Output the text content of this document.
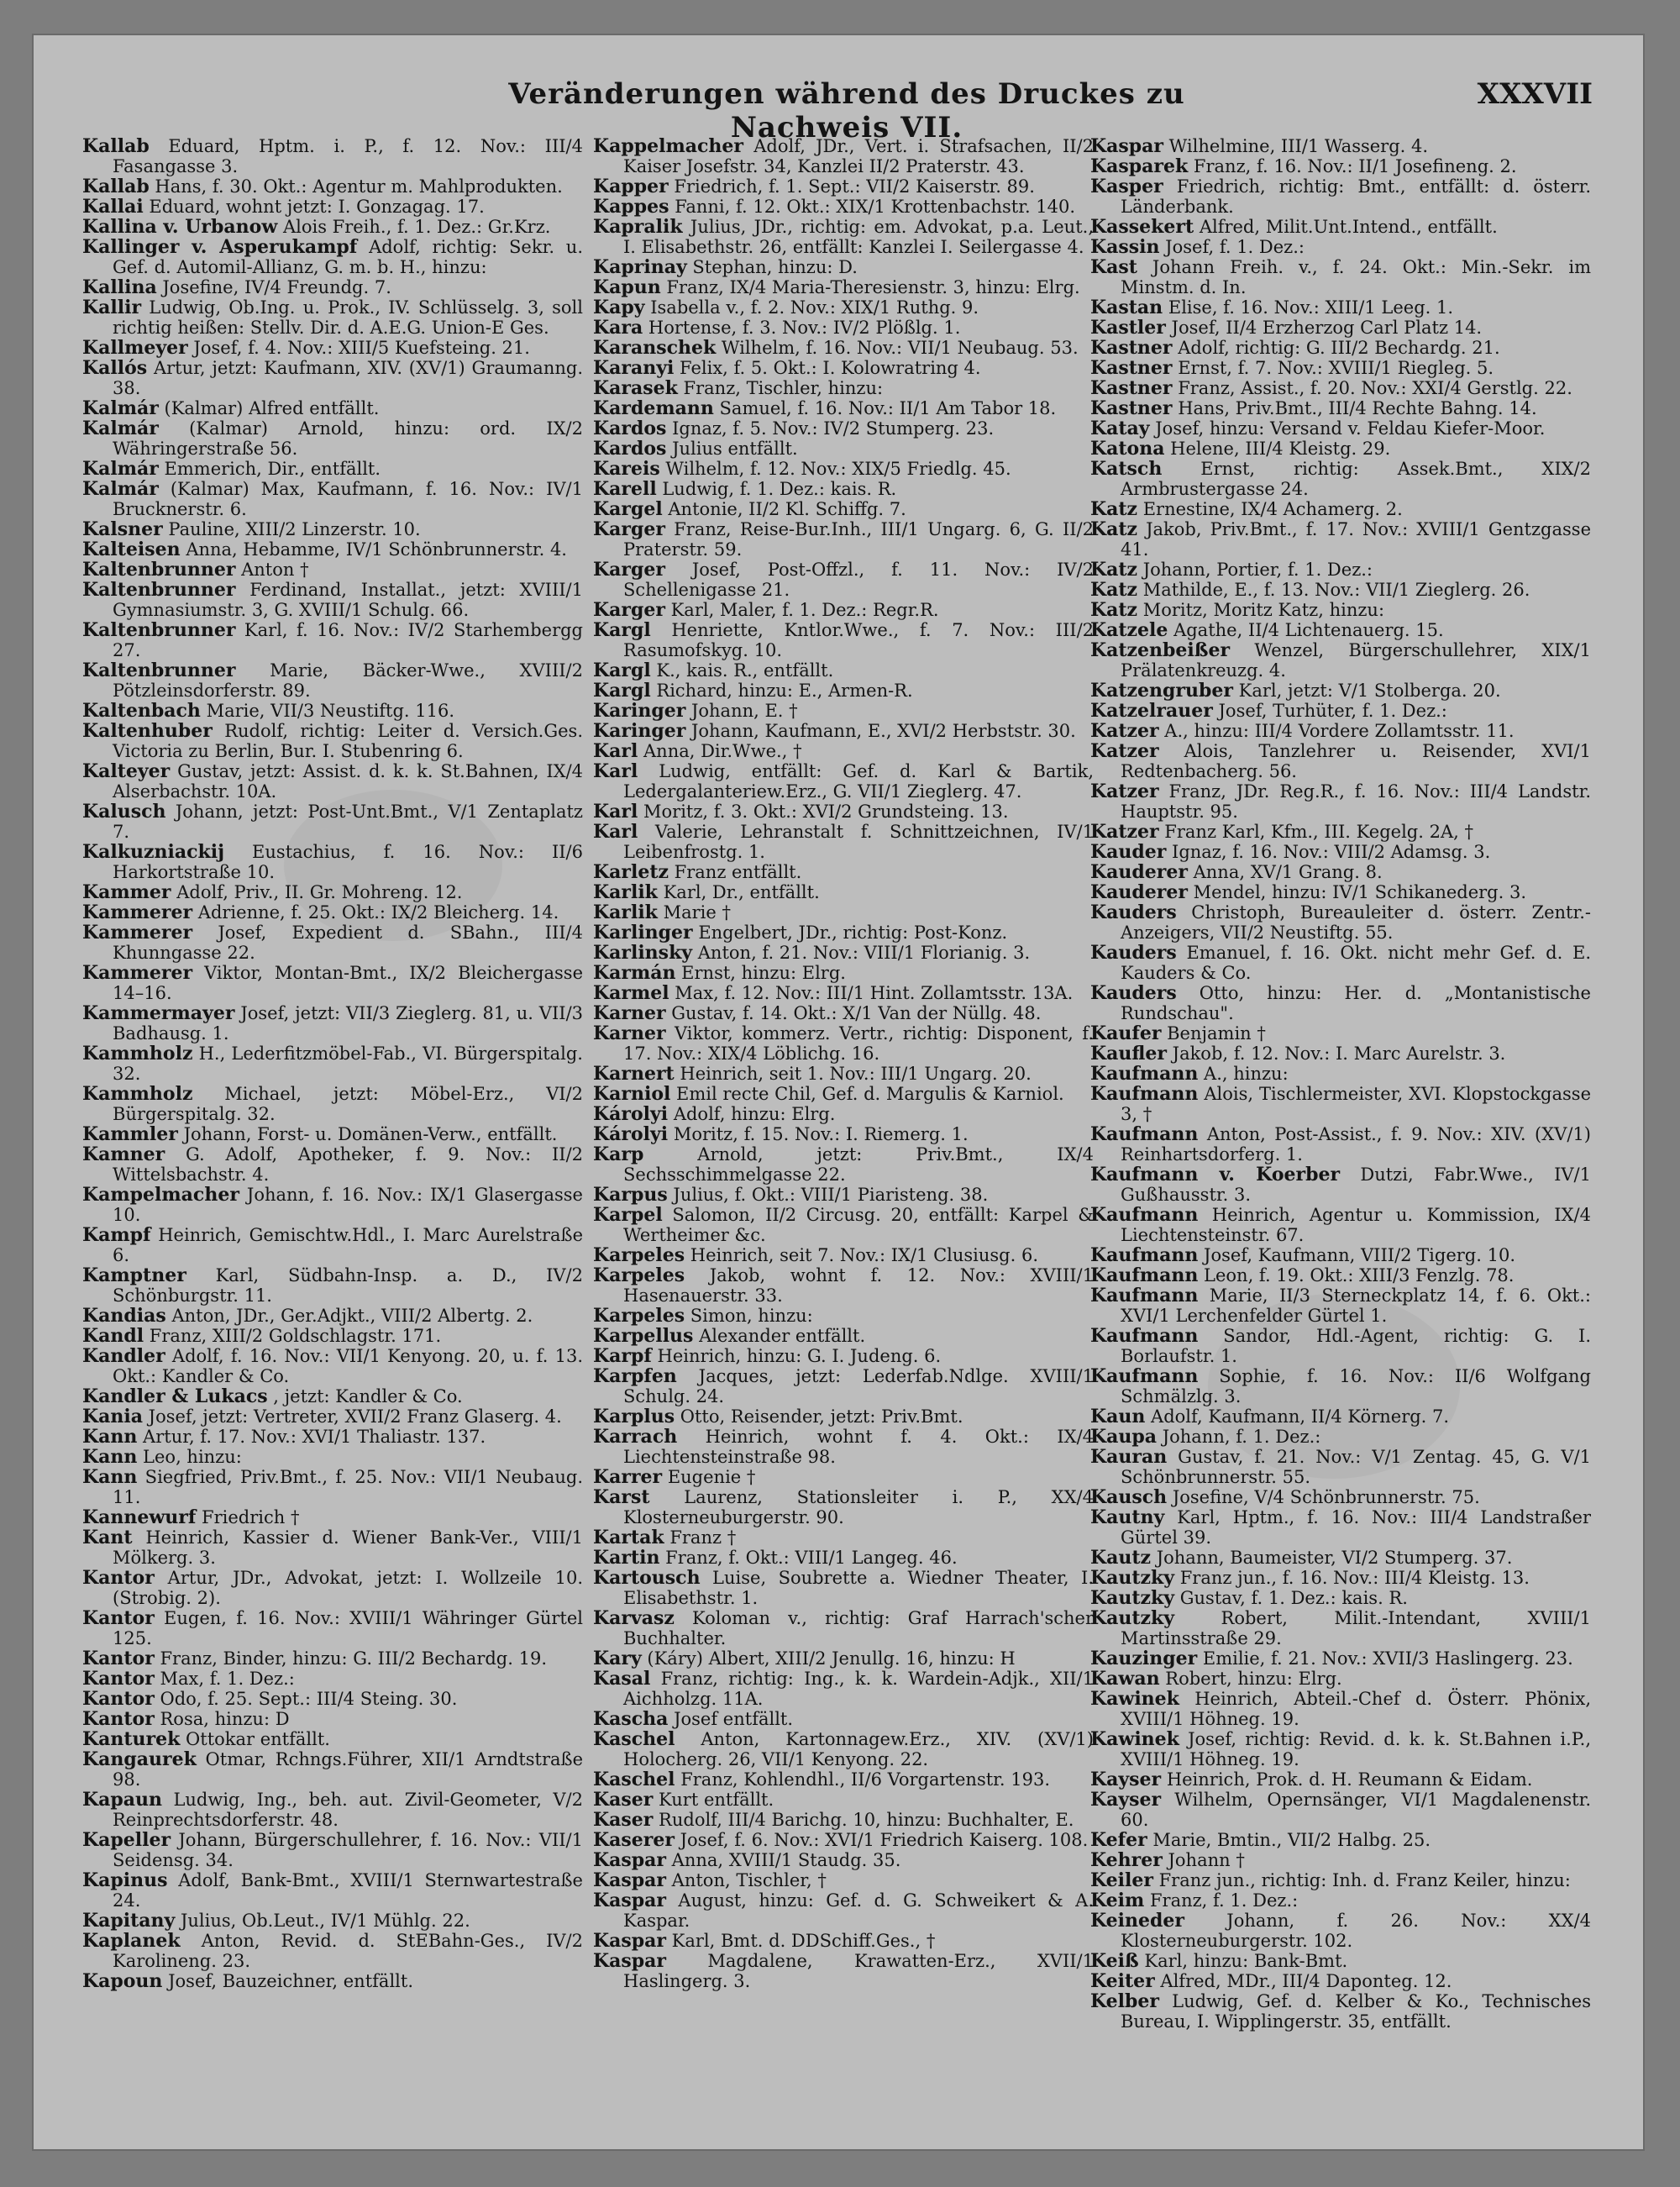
Veränderungen während des Druckes zu Nachweis VII.
XXXVII

Kallab Eduard, Hptm. i. P., f. 12. Nov.: III/4 Fasangasse 3.

Kallab Hans, f. 30. Okt.: Agentur m. Mahlprodukten.

Kallai Eduard, wohnt jetzt: I. Gonzagag. 17.

Kallina v. Urbanow Alois Freih., f. 1. Dez.: Gr.Krz.

Kallinger v. Asperukampf Adolf, richtig: Sekr. u. Gef. d. Automil-Allianz, G. m. b. H., hinzu:

Kallina Josefine, IV/4 Freundg. 7.

Kallir Ludwig, Ob.Ing. u. Prok., IV. Schlüsselg. 3, soll richtig heißen: Stellv. Dir. d. A.E.G. Union-E Ges.

Kallmeyer Josef, f. 4. Nov.: XIII/5 Kuefsteing. 21.

Kallós Artur, jetzt: Kaufmann, XIV. (XV/1) Graumanng. 38.

Kalmár (Kalmar) Alfred entfällt.

Kalmár (Kalmar) Arnold, hinzu: ord. IX/2 Währingerstraße 56.

Kalmár Emmerich, Dir., entfällt.

Kalmár (Kalmar) Max, Kaufmann, f. 16. Nov.: IV/1 Brucknerstr. 6.

Kalsner Pauline, XIII/2 Linzerstr. 10.

Kalteisen Anna, Hebamme, IV/1 Schönbrunnerstr. 4.

Kaltenbrunner Anton †

Kaltenbrunner Ferdinand, Installat., jetzt: XVIII/1 Gymnasiumstr. 3, G. XVIII/1 Schulg. 66.

Kaltenbrunner Karl, f. 16. Nov.: IV/2 Starhembergg 27.

Kaltenbrunner Marie, Bäcker-Wwe., XVIII/2 Pötzleinsdorferstr. 89.

Kaltenbach Marie, VII/3 Neustiftg. 116.

Kaltenhuber Rudolf, richtig: Leiter d. Versich.Ges. Victoria zu Berlin, Bur. I. Stubenring 6.

Kalteyer Gustav, jetzt: Assist. d. k. k. St.Bahnen, IX/4 Alserbachstr. 10A.

Kalusch Johann, jetzt: Post-Unt.Bmt., V/1 Zentaplatz 7.

Kalkuzniackij Eustachius, f. 16. Nov.: II/6 Harkortstraße 10.

Kammer Adolf, Priv., II. Gr. Mohreng. 12.

Kammerer Adrienne, f. 25. Okt.: IX/2 Bleicherg. 14.

Kammerer Josef, Expedient d. SBahn., III/4 Khunngasse 22.

Kammerer Viktor, Montan-Bmt., IX/2 Bleichergasse 14–16.

Kammermayer Josef, jetzt: VII/3 Zieglerg. 81, u. VII/3 Badhausg. 1.

Kammholz H., Lederfitzmöbel-Fab., VI. Bürgerspitalg. 32.

Kammholz Michael, jetzt: Möbel-Erz., VI/2 Bürgerspitalg. 32.

Kammler Johann, Forst- u. Domänen-Verw., entfällt.

Kamner G. Adolf, Apotheker, f. 9. Nov.: II/2 Wittelsbachstr. 4.

Kampelmacher Johann, f. 16. Nov.: IX/1 Glasergasse 10.

Kampf Heinrich, Gemischtw.Hdl., I. Marc Aurelstraße 6.

Kamptner Karl, Südbahn-Insp. a. D., IV/2 Schönburgstr. 11.

Kandias Anton, JDr., Ger.Adjkt., VIII/2 Albertg. 2.

Kandl Franz, XIII/2 Goldschlagstr. 171.

Kandler Adolf, f. 16. Nov.: VII/1 Kenyong. 20, u. f. 13. Okt.: Kandler & Co.

Kandler & Lukacs , jetzt: Kandler & Co.

Kania Josef, jetzt: Vertreter, XVII/2 Franz Glaserg. 4.

Kann Artur, f. 17. Nov.: XVI/1 Thaliastr. 137.

Kann Leo, hinzu:

Kann Siegfried, Priv.Bmt., f. 25. Nov.: VII/1 Neubaug. 11.

Kannewurf Friedrich †

Kant Heinrich, Kassier d. Wiener Bank-Ver., VIII/1 Mölkerg. 3.

Kantor Artur, JDr., Advokat, jetzt: I. Wollzeile 10. (Strobig. 2).

Kantor Eugen, f. 16. Nov.: XVIII/1 Währinger Gürtel 125.

Kantor Franz, Binder, hinzu: G. III/2 Bechardg. 19.

Kantor Max, f. 1. Dez.:

Kantor Odo, f. 25. Sept.: III/4 Steing. 30.

Kantor Rosa, hinzu: D

Kanturek Ottokar entfällt.

Kangaurek Otmar, Rchngs.Führer, XII/1 Arndtstraße 98.

Kapaun Ludwig, Ing., beh. aut. Zivil-Geometer, V/2 Reinprechtsdorferstr. 48.

Kapeller Johann, Bürgerschullehrer, f. 16. Nov.: VII/1 Seidensg. 34.

Kapinus Adolf, Bank-Bmt., XVIII/1 Sternwartestraße 24.

Kapitany Julius, Ob.Leut., IV/1 Mühlg. 22.

Kaplanek Anton, Revid. d. StEBahn-Ges., IV/2 Karolineng. 23.

Kapoun Josef, Bauzeichner, entfällt.

Kappelmacher Adolf, JDr., Vert. i. Strafsachen, II/2 Kaiser Josefstr. 34, Kanzlei II/2 Praterstr. 43.

Kapper Friedrich, f. 1. Sept.: VII/2 Kaiserstr. 89.

Kappes Fanni, f. 12. Okt.: XIX/1 Krottenbachstr. 140.

Kapralik Julius, JDr., richtig: em. Advokat, p.a. Leut., I. Elisabethstr. 26, entfällt: Kanzlei I. Seilergasse 4.

Kaprinay Stephan, hinzu: D.

Kapun Franz, IX/4 Maria-Theresienstr. 3, hinzu: Elrg.

Kapy Isabella v., f. 2. Nov.: XIX/1 Ruthg. 9.

Kara Hortense, f. 3. Nov.: IV/2 Plößlg. 1.

Karanschek Wilhelm, f. 16. Nov.: VII/1 Neubaug. 53.

Karanyi Felix, f. 5. Okt.: I. Kolowratring 4.

Karasek Franz, Tischler, hinzu:

Kardemann Samuel, f. 16. Nov.: II/1 Am Tabor 18.

Kardos Ignaz, f. 5. Nov.: IV/2 Stumperg. 23.

Kardos Julius entfällt.

Kareis Wilhelm, f. 12. Nov.: XIX/5 Friedlg. 45.

Karell Ludwig, f. 1. Dez.: kais. R.

Kargel Antonie, II/2 Kl. Schiffg. 7.

Karger Franz, Reise-Bur.Inh., III/1 Ungarg. 6, G. II/2 Praterstr. 59.

Karger Josef, Post-Offzl., f. 11. Nov.: IV/2 Schellenigasse 21.

Karger Karl, Maler, f. 1. Dez.: Regr.R.

Kargl Henriette, Kntlor.Wwe., f. 7. Nov.: III/2 Rasumofskyg. 10.

Kargl K., kais. R., entfällt.

Kargl Richard, hinzu: E., Armen-R.

Karinger Johann, E. †

Karinger Johann, Kaufmann, E., XVI/2 Herbststr. 30.

Karl Anna, Dir.Wwe., †

Karl Ludwig, entfällt: Gef. d. Karl & Bartik, Ledergalanteriew.Erz., G. VII/1 Zieglerg. 47.

Karl Moritz, f. 3. Okt.: XVI/2 Grundsteing. 13.

Karl Valerie, Lehranstalt f. Schnittzeichnen, IV/1 Leibenfrostg. 1.

Karletz Franz entfällt.

Karlik Karl, Dr., entfällt.

Karlik Marie †

Karlinger Engelbert, JDr., richtig: Post-Konz.

Karlinsky Anton, f. 21. Nov.: VIII/1 Florianig. 3.

Karmán Ernst, hinzu: Elrg.

Karmel Max, f. 12. Nov.: III/1 Hint. Zollamtsstr. 13A.

Karner Gustav, f. 14. Okt.: X/1 Van der Nüllg. 48.

Karner Viktor, kommerz. Vertr., richtig: Disponent, f. 17. Nov.: XIX/4 Löblichg. 16.

Karnert Heinrich, seit 1. Nov.: III/1 Ungarg. 20.

Karniol Emil recte Chil, Gef. d. Margulis & Karniol.

Károlyi Adolf, hinzu: Elrg.

Károlyi Moritz, f. 15. Nov.: I. Riemerg. 1.

Karp Arnold, jetzt: Priv.Bmt., IX/4 Sechsschimmelgasse 22.

Karpus Julius, f. Okt.: VIII/1 Piaristeng. 38.

Karpel Salomon, II/2 Circusg. 20, entfällt: Karpel & Wertheimer &c.

Karpeles Heinrich, seit 7. Nov.: IX/1 Clusiusg. 6.

Karpeles Jakob, wohnt f. 12. Nov.: XVIII/1 Hasenauerstr. 33.

Karpeles Simon, hinzu:

Karpellus Alexander entfällt.

Karpf Heinrich, hinzu: G. I. Judeng. 6.

Karpfen Jacques, jetzt: Lederfab.Ndlge. XVIII/1 Schulg. 24.

Karplus Otto, Reisender, jetzt: Priv.Bmt.

Karrach Heinrich, wohnt f. 4. Okt.: IX/4 Liechtensteinstraße 98.

Karrer Eugenie †

Karst Laurenz, Stationsleiter i. P., XX/4 Klosterneuburgerstr. 90.

Kartak Franz †

Kartin Franz, f. Okt.: VIII/1 Langeg. 46.

Kartousch Luise, Soubrette a. Wiedner Theater, I. Elisabethstr. 1.

Karvasz Koloman v., richtig: Graf Harrach'scher Buchhalter.

Kary (Káry) Albert, XIII/2 Jenullg. 16, hinzu: H

Kasal Franz, richtig: Ing., k. k. Wardein-Adjk., XII/1 Aichholzg. 11A.

Kascha Josef entfällt.

Kaschel Anton, Kartonnagew.Erz., XIV. (XV/1) Holocherg. 26, VII/1 Kenyong. 22.

Kaschel Franz, Kohlendhl., II/6 Vorgartenstr. 193.

Kaser Kurt entfällt.

Kaser Rudolf, III/4 Barichg. 10, hinzu: Buchhalter, E.

Kaserer Josef, f. 6. Nov.: XVI/1 Friedrich Kaiserg. 108.

Kaspar Anna, XVIII/1 Staudg. 35.

Kaspar Anton, Tischler, †

Kaspar August, hinzu: Gef. d. G. Schweikert & A. Kaspar.

Kaspar Karl, Bmt. d. DDSchiff.Ges., †

Kaspar Magdalene, Krawatten-Erz., XVII/1 Haslingerg. 3.

Kaspar Wilhelmine, III/1 Wasserg. 4.

Kasparek Franz, f. 16. Nov.: II/1 Josefineng. 2.

Kasper Friedrich, richtig: Bmt., entfällt: d. österr. Länderbank.

Kassekert Alfred, Milit.Unt.Intend., entfällt.

Kassin Josef, f. 1. Dez.:

Kast Johann Freih. v., f. 24. Okt.: Min.-Sekr. im Minstm. d. In.

Kastan Elise, f. 16. Nov.: XIII/1 Leeg. 1.

Kastler Josef, II/4 Erzherzog Carl Platz 14.

Kastner Adolf, richtig: G. III/2 Bechardg. 21.

Kastner Ernst, f. 7. Nov.: XVIII/1 Riegleg. 5.

Kastner Franz, Assist., f. 20. Nov.: XXI/4 Gerstlg. 22.

Kastner Hans, Priv.Bmt., III/4 Rechte Bahng. 14.

Katay Josef, hinzu: Versand v. Feldau Kiefer-Moor.

Katona Helene, III/4 Kleistg. 29.

Katsch Ernst, richtig: Assek.Bmt., XIX/2 Armbrustergasse 24.

Katz Ernestine, IX/4 Achamerg. 2.

Katz Jakob, Priv.Bmt., f. 17. Nov.: XVIII/1 Gentzgasse 41.

Katz Johann, Portier, f. 1. Dez.:

Katz Mathilde, E., f. 13. Nov.: VII/1 Zieglerg. 26.

Katz Moritz, Moritz Katz, hinzu:

Katzele Agathe, II/4 Lichtenauerg. 15.

Katzenbeißer Wenzel, Bürgerschullehrer, XIX/1 Prälatenkreuzg. 4.

Katzengruber Karl, jetzt: V/1 Stolberga. 20.

Katzelrauer Josef, Turhüter, f. 1. Dez.:

Katzer A., hinzu: III/4 Vordere Zollamtsstr. 11.

Katzer Alois, Tanzlehrer u. Reisender, XVI/1 Redtenbacherg. 56.

Katzer Franz, JDr. Reg.R., f. 16. Nov.: III/4 Landstr. Hauptstr. 95.

Katzer Franz Karl, Kfm., III. Kegelg. 2A, †

Kauder Ignaz, f. 16. Nov.: VIII/2 Adamsg. 3.

Kauderer Anna, XV/1 Grang. 8.

Kauderer Mendel, hinzu: IV/1 Schikanederg. 3.

Kauders Christoph, Bureauleiter d. österr. Zentr.-Anzeigers, VII/2 Neustiftg. 55.

Kauders Emanuel, f. 16. Okt. nicht mehr Gef. d. E. Kauders & Co.

Kauders Otto, hinzu: Her. d. „Montanistische Rundschau".

Kaufer Benjamin †

Kaufler Jakob, f. 12. Nov.: I. Marc Aurelstr. 3.

Kaufmann A., hinzu:

Kaufmann Alois, Tischlermeister, XVI. Klopstockgasse 3, †

Kaufmann Anton, Post-Assist., f. 9. Nov.: XIV. (XV/1) Reinhartsdorferg. 1.

Kaufmann v. Koerber Dutzi, Fabr.Wwe., IV/1 Gußhausstr. 3.

Kaufmann Heinrich, Agentur u. Kommission, IX/4 Liechtensteinstr. 67.

Kaufmann Josef, Kaufmann, VIII/2 Tigerg. 10.

Kaufmann Leon, f. 19. Okt.: XIII/3 Fenzlg. 78.

Kaufmann Marie, II/3 Sterneckplatz 14, f. 6. Okt.: XVI/1 Lerchenfelder Gürtel 1.

Kaufmann Sandor, Hdl.-Agent, richtig: G. I. Borlaufstr. 1.

Kaufmann Sophie, f. 16. Nov.: II/6 Wolfgang Schmälzlg. 3.

Kaun Adolf, Kaufmann, II/4 Körnerg. 7.

Kaupa Johann, f. 1. Dez.:

Kauran Gustav, f. 21. Nov.: V/1 Zentag. 45, G. V/1 Schönbrunnerstr. 55.

Kausch Josefine, V/4 Schönbrunnerstr. 75.

Kautny Karl, Hptm., f. 16. Nov.: III/4 Landstraßer Gürtel 39.

Kautz Johann, Baumeister, VI/2 Stumperg. 37.

Kautzky Franz jun., f. 16. Nov.: III/4 Kleistg. 13.

Kautzky Gustav, f. 1. Dez.: kais. R.

Kautzky Robert, Milit.-Intendant, XVIII/1 Martinsstraße 29.

Kauzinger Emilie, f. 21. Nov.: XVII/3 Haslingerg. 23.

Kawan Robert, hinzu: Elrg.

Kawinek Heinrich, Abteil.-Chef d. Österr. Phönix, XVIII/1 Höhneg. 19.

Kawinek Josef, richtig: Revid. d. k. k. St.Bahnen i.P., XVIII/1 Höhneg. 19.

Kayser Heinrich, Prok. d. H. Reumann & Eidam.

Kayser Wilhelm, Opernsänger, VI/1 Magdalenenstr. 60.

Kefer Marie, Bmtin., VII/2 Halbg. 25.

Kehrer Johann †

Keiler Franz jun., richtig: Inh. d. Franz Keiler, hinzu:

Keim Franz, f. 1. Dez.:

Keineder Johann, f. 26. Nov.: XX/4 Klosterneuburgerstr. 102.

Keiß Karl, hinzu: Bank-Bmt.

Keiter Alfred, MDr., III/4 Daponteg. 12.

Kelber Ludwig, Gef. d. Kelber & Ko., Technisches Bureau, I. Wipplingerstr. 35, entfällt.
